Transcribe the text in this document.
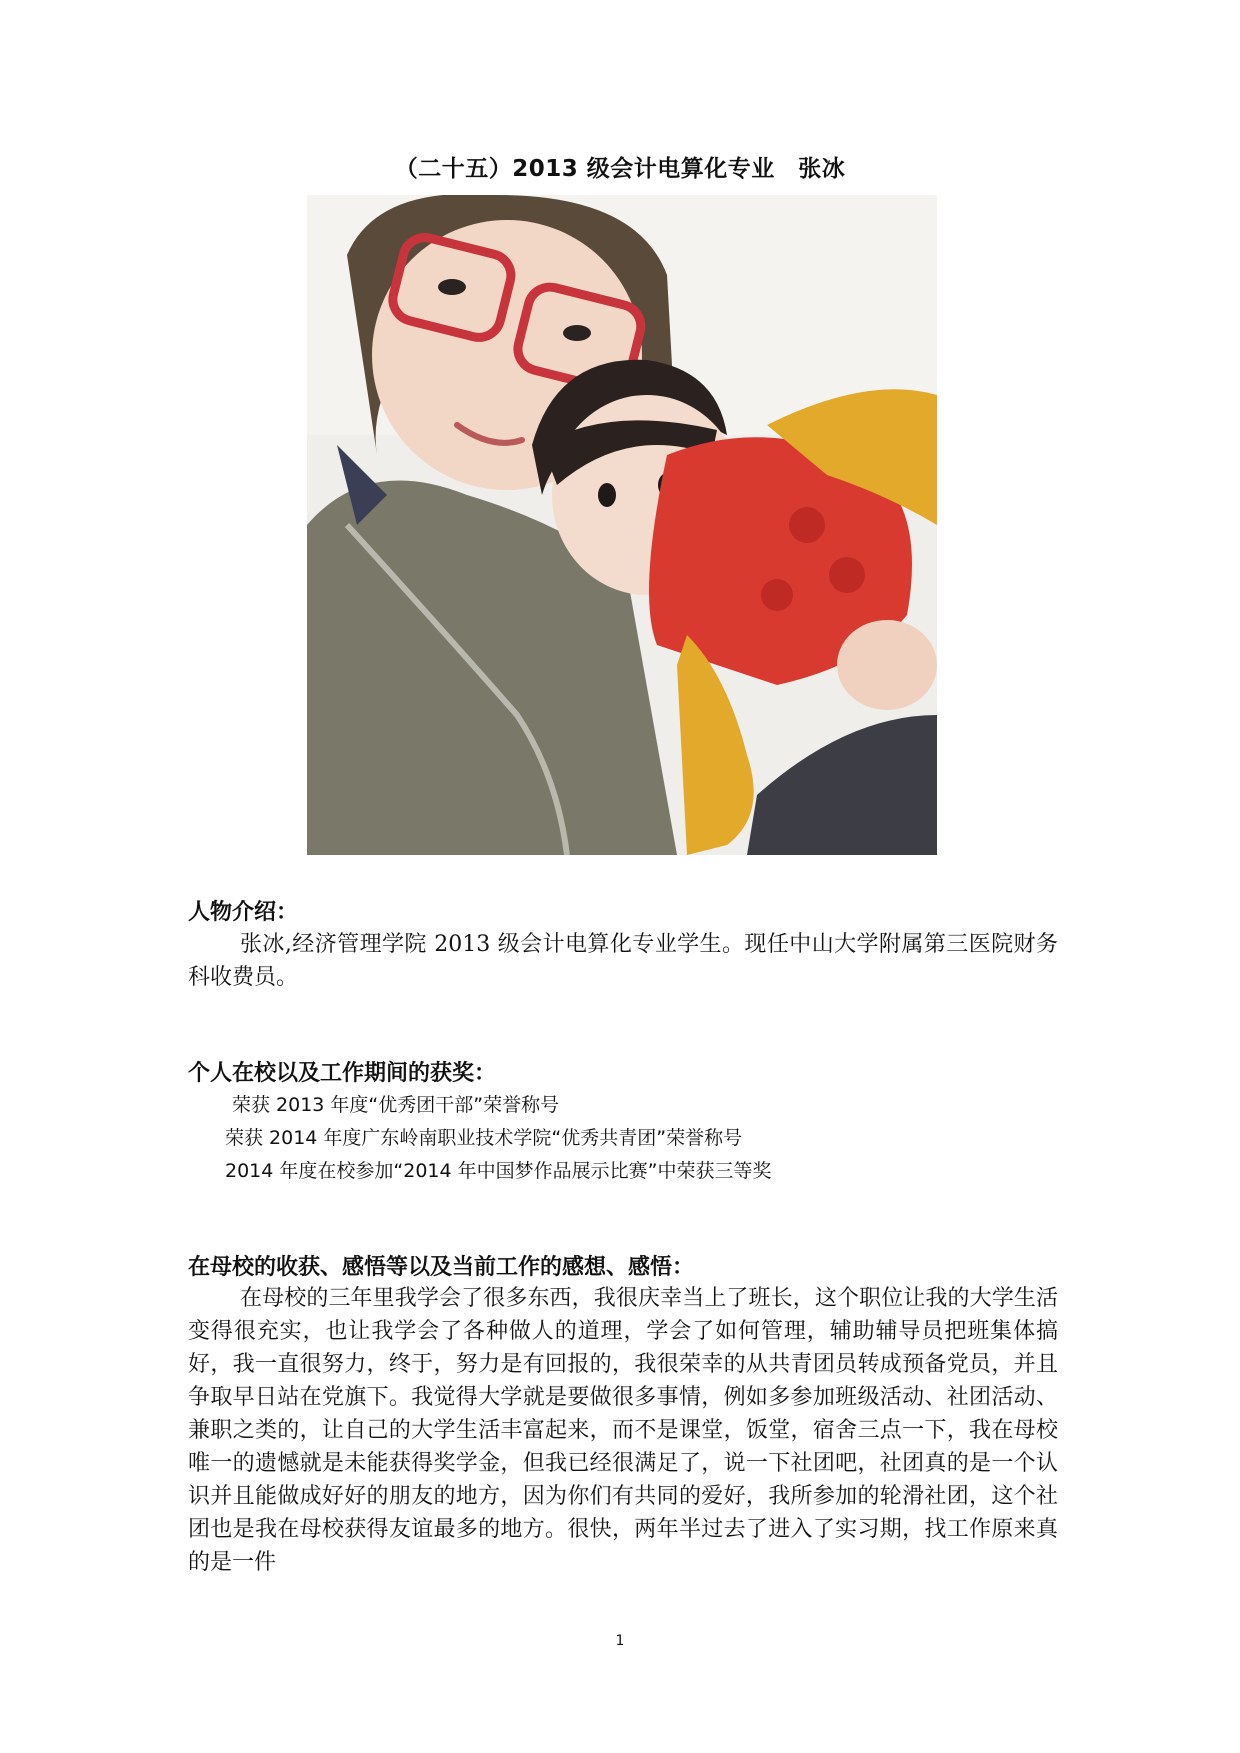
（二十五）2013 级会计电算化专业　张冰
人物介绍：

张冰,经济管理学院 2013 级会计电算化专业学生。现任中山大学附属第三医院财务科收费员。

个人在校以及工作期间的获奖：
荣获 2013 年度“优秀团干部”荣誉称号
荣获 2014 年度广东岭南职业技术学院“优秀共青团”荣誉称号
2014 年度在校参加“2014 年中国梦作品展示比赛”中荣获三等奖
在母校的收获、感悟等以及当前工作的感想、感悟：

在母校的三年里我学会了很多东西，我很庆幸当上了班长，这个职位让我的大学生活变得很充实，也让我学会了各种做人的道理，学会了如何管理，辅助辅导员把班集体搞好，我一直很努力，终于，努力是有回报的，我很荣幸的从共青团员转成预备党员，并且争取早日站在党旗下。我觉得大学就是要做很多事情，例如多参加班级活动、社团活动、兼职之类的，让自己的大学生活丰富起来，而不是课堂，饭堂，宿舍三点一下，我在母校唯一的遗憾就是未能获得奖学金，但我已经很满足了，说一下社团吧，社团真的是一个认识并且能做成好好的朋友的地方，因为你们有共同的爱好，我所参加的轮滑社团，这个社团也是我在母校获得友谊最多的地方。很快，两年半过去了进入了实习期，找工作原来真的是一件

1
